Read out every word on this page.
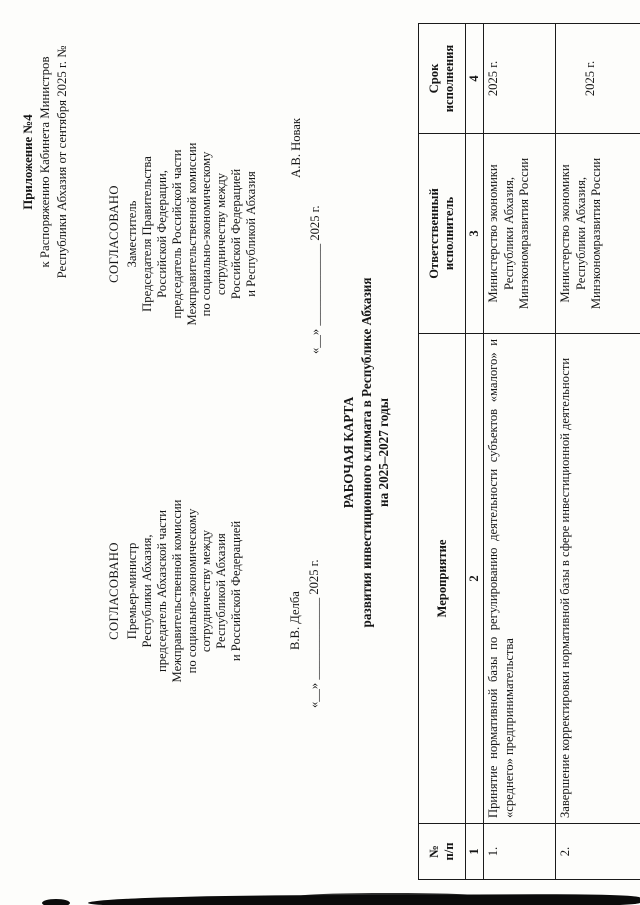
Приложение №4 к Распоряжению Кабинета Министров Республики Абхазия от сентября 2025 г. №
СОГЛАСОВАНО Премьер-министр Республики Абхазия, председатель Абхазской части Межправительственной комиссии по социально-экономическому сотрудничеству между Республикой Абхазия и Российской Федерацией	В.В. Делба «__» _____________ 2025 г.
СОГЛАСОВАНО Заместитель Председателя Правительства Российской Федерации, председатель Российской части Межправительственной комиссии по социально-экономическому сотрудничеству между Российской Федерацией и Республикой Абхазия
А.В. Новак
«__» _____________ 2025 г.
РАБОЧАЯ КАРТА развития инвестиционного климата в Республике Абхазия на 2025–2027 годы
№ п/п	Мероприятие	Ответственный исполнитель	Срок исполнения
1	2	3	4
1.	Принятие нормативной базы по регулированию деятельности субъектов «малого» и «среднего» предпринимательства	Министерство экономики Республики Абхазия, Минэкономразвития России	2025 г.
2.	Завершение корректировки нормативной базы в сфере инвестиционной деятельности	Министерство экономики Республики Абхазия, Минэкономразвития России	2025 г.
